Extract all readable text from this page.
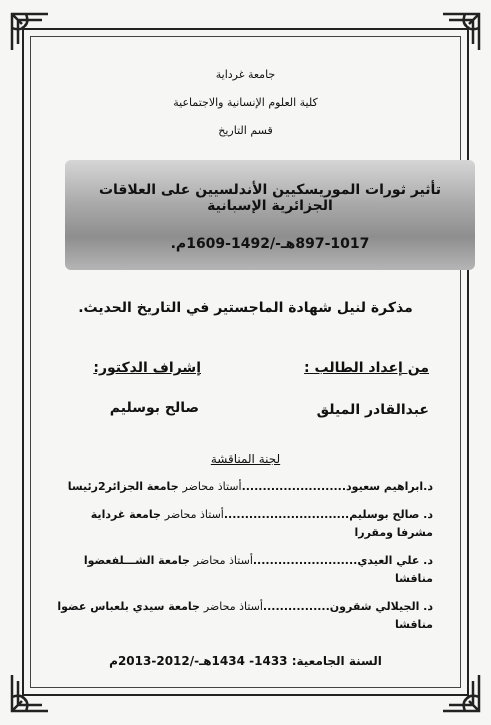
جامعة غرداية
كلية العلوم الإنسانية والاجتماعية
قسم التاريخ
تأثير ثورات الموريسكيين الأندلسيين على العلاقات الجزائرية الإسبانية
897-1017هـ-/1492-1609م.
مذكرة لنيل شهادة الماجستير في التاريخ الحديث.
من إعداد الطالب :
إشراف الدكتور:
عبدالقادر الميلق
صالح بوسليم
لجنة المناقشة
د.ابراهيم سعيود.........................أستاذ محاضر جامعة الجزائر2رئيسا
د. صالح بوسليم..............................أستاذ محاضر جامعة غرداية مشرفا ومقررا
د. علي العيدي.........................أستاذ محاضر جامعة الشـــلفعضوا مناقشا
د. الجيلالي شقرون................أستاذ محاضر جامعة سيدي بلعباس عضوا مناقشا
السنة الجامعية: 1433- 1434هـ-/2012-2013م
